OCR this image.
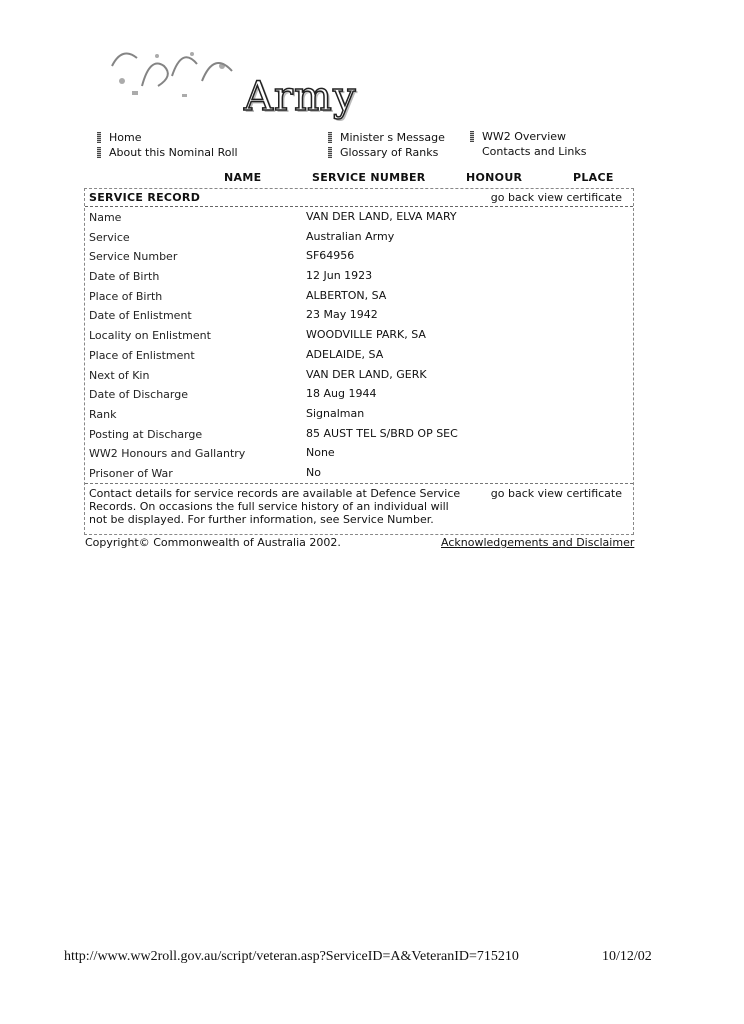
Army
Home
About this Nominal Roll
Minister s Message
Glossary of Ranks
WW2 Overview
Contacts and Links
NAME	SERVICE NUMBER	HONOUR	PLACE
SERVICE RECORD	go back view certificate
Name	VAN DER LAND, ELVA MARY
Service	Australian Army
Service Number	SF64956
Date of Birth	12 Jun 1923
Place of Birth	ALBERTON, SA
Date of Enlistment	23 May 1942
Locality on Enlistment	WOODVILLE PARK, SA
Place of Enlistment	ADELAIDE, SA
Next of Kin	VAN DER LAND, GERK
Date of Discharge	18 Aug 1944
Rank	Signalman
Posting at Discharge	85 AUST TEL S/BRD OP SEC
WW2 Honours and Gallantry	None
Prisoner of War	No
Contact details for service records are available at Defence Service Records. On occasions the full service history of an individual will not be displayed. For further information, see Service Number.
go back view certificate
Copyright© Commonwealth of Australia 2002.	Acknowledgements and Disclaimer
http://www.ww2roll.gov.au/script/veteran.asp?ServiceID=A&VeteranID=715210	10/12/02
